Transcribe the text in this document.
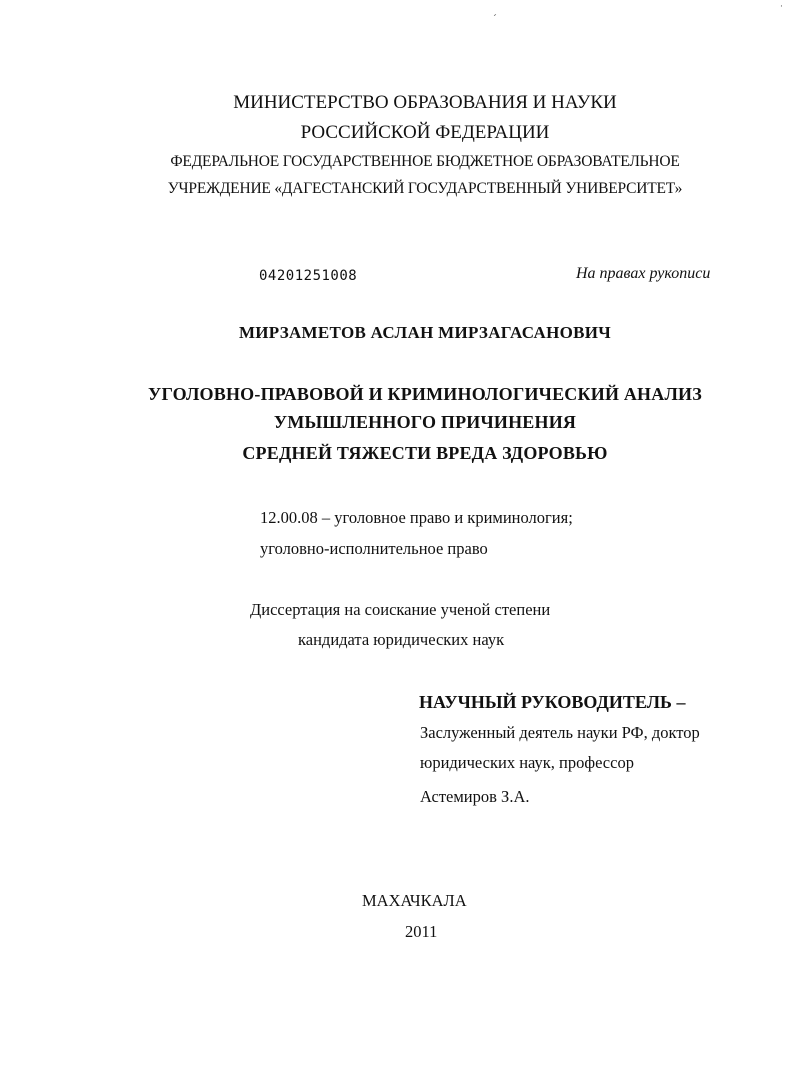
ˊ
·
МИНИСТЕРСТВО ОБРАЗОВАНИЯ И НАУКИ
РОССИЙСКОЙ ФЕДЕРАЦИИ
ФЕДЕРАЛЬНОЕ ГОСУДАРСТВЕННОЕ БЮДЖЕТНОЕ ОБРАЗОВАТЕЛЬНОЕ
УЧРЕЖДЕНИЕ «ДАГЕСТАНСКИЙ ГОСУДАРСТВЕННЫЙ УНИВЕРСИТЕТ»
04201251008	На правах рукописи
МИРЗАМЕТОВ АСЛАН МИРЗАГАСАНОВИЧ
УГОЛОВНО-ПРАВОВОЙ И КРИМИНОЛОГИЧЕСКИЙ АНАЛИЗ
УМЫШЛЕННОГО ПРИЧИНЕНИЯ
СРЕДНЕЙ ТЯЖЕСТИ ВРЕДА ЗДОРОВЬЮ
12.00.08 – уголовное право и криминология;
уголовно-исполнительное право
Диссертация на соискание ученой степени
кандидата юридических наук
НАУЧНЫЙ РУКОВОДИТЕЛЬ –
Заслуженный деятель науки РФ, доктор
юридических наук, профессор
Астемиров З.А.
МАХАЧКАЛА
2011
